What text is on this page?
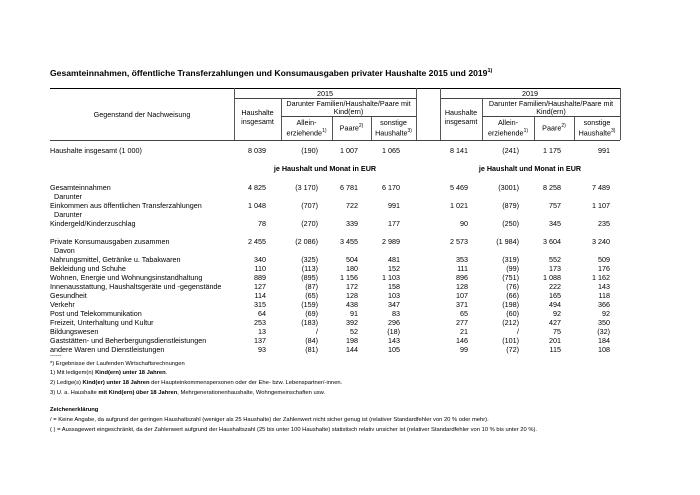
Gesamteinnahmen, öffentliche Transferzahlungen und Konsumausgaben privater Haushalte 2015 und 2019$^{1)}$
2015	2019
Gegenstand der Nachweisung	Haushalte
insgesamt
Darunter Familien/Haushalte/Paare mit
Kind(ern)
Allein-
erziehende$^{1)}$	Paare$^{2)}$	sonstige
Haushalte$^{3)}$
Haushalte
insgesamt
Darunter Familien/Haushalte/Paare mit
Kind(ern)
Allein-
erziehende$^{1)}$	Paare$^{2)}$	sonstige
Haushalte$^{3)}$
Haushalte insgesamt (1 000)	8 039	(190)	1 007	1 065	8 141	(241)	1 175	991
je Haushalt und Monat in EUR	je Haushalt und Monat in EUR
Gesamteinnahmen	4 825	(3 170)	6 781	6 170	5 469	(3001)	8 258	7 489
Darunter
Einkommen aus öffentlichen Transferzahlungen	1 048	(707)	722	991	1 021	(879)	757	1 107
Darunter
Kindergeld/Kinderzuschlag	78	(270)	339	177	90	(250)	345	235
Private Konsumausgaben zusammen	2 455	(2 086)	3 455	2 989	2 573	(1 984)	3 604	3 240
Davon
Nahrungsmittel, Getränke u. Tabakwaren	340	(325)	504	481	353	(319)	552	509
Bekleidung und Schuhe	110	(113)	180	152	111	(99)	173	176
Wohnen, Energie und Wohnungsinstandhaltung	889	(895)	1 156	1 103	896	(751)	1 088	1 162
Innenausstattung, Haushaltsgeräte und -gegenstände	127	(87)	172	158	128	(76)	222	143
Gesundheit	114	(65)	128	103	107	(66)	165	118
Verkehr	315	(159)	438	347	371	(198)	494	366
Post und Telekommunikation	64	(69)	91	83	65	(60)	92	92
Freizeit, Unterhaltung und Kultur	253	(183)	392	296	277	(212)	427	350
Bildungswesen	13	/	52	(18)	21	/	75	(32)
Gaststätten- und Beherbergungsdienstleistungen	137	(84)	198	143	146	(101)	201	184
andere Waren und Dienstleistungen	93	(81)	144	105	99	(72)	115	108
------
*) Ergebnisse der Laufenden Wirtschaftsrechnungen
1) Mit ledigem(n) Kind(ern) unter 18 Jahren.
2) Ledige(s) Kind(er) unter 18 Jahren der Haupteinkommenspersonen oder der Ehe- bzw. Lebenspartner/-innen.
3) U. a. Haushalte mit Kind(ern) über 18 Jahren, Mehrgenerationenhaushalte, Wohngemeinschaften usw.
Zeichenerklärung
/ = Keine Angabe, da aufgrund der geringen Haushaltszahl (weniger als 25 Haushalte) der Zahlenwert nicht sicher genug ist (relativer Standardfehler von 20 % oder mehr).
( ) = Aussagewert eingeschränkt, da der Zahlenwert aufgrund der Haushaltszahl (25 bis unter 100 Haushalte) statistisch relativ unsicher ist (relativer Standardfehler von 10 % bis unter 20 %).
